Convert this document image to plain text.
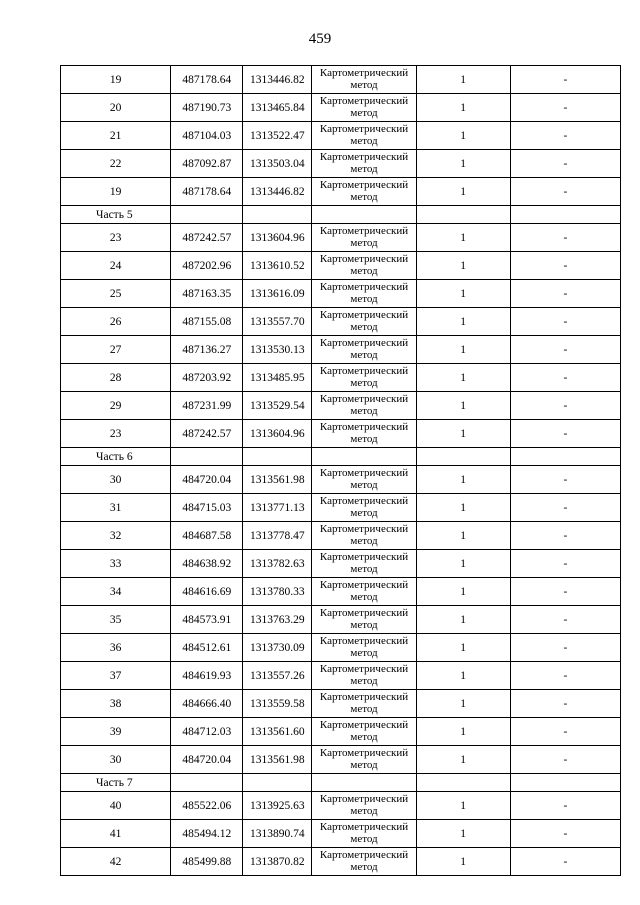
459
19	487178.64	1313446.82	Картометрический метод	1	-
20	487190.73	1313465.84	Картометрический метод	1	-
21	487104.03	1313522.47	Картометрический метод	1	-
22	487092.87	1313503.04	Картометрический метод	1	-
19	487178.64	1313446.82	Картометрический метод	1	-
Часть 5					
23	487242.57	1313604.96	Картометрический метод	1	-
24	487202.96	1313610.52	Картометрический метод	1	-
25	487163.35	1313616.09	Картометрический метод	1	-
26	487155.08	1313557.70	Картометрический метод	1	-
27	487136.27	1313530.13	Картометрический метод	1	-
28	487203.92	1313485.95	Картометрический метод	1	-
29	487231.99	1313529.54	Картометрический метод	1	-
23	487242.57	1313604.96	Картометрический метод	1	-
Часть 6					
30	484720.04	1313561.98	Картометрический метод	1	-
31	484715.03	1313771.13	Картометрический метод	1	-
32	484687.58	1313778.47	Картометрический метод	1	-
33	484638.92	1313782.63	Картометрический метод	1	-
34	484616.69	1313780.33	Картометрический метод	1	-
35	484573.91	1313763.29	Картометрический метод	1	-
36	484512.61	1313730.09	Картометрический метод	1	-
37	484619.93	1313557.26	Картометрический метод	1	-
38	484666.40	1313559.58	Картометрический метод	1	-
39	484712.03	1313561.60	Картометрический метод	1	-
30	484720.04	1313561.98	Картометрический метод	1	-
Часть 7					
40	485522.06	1313925.63	Картометрический метод	1	-
41	485494.12	1313890.74	Картометрический метод	1	-
42	485499.88	1313870.82	Картометрический метод	1	-
